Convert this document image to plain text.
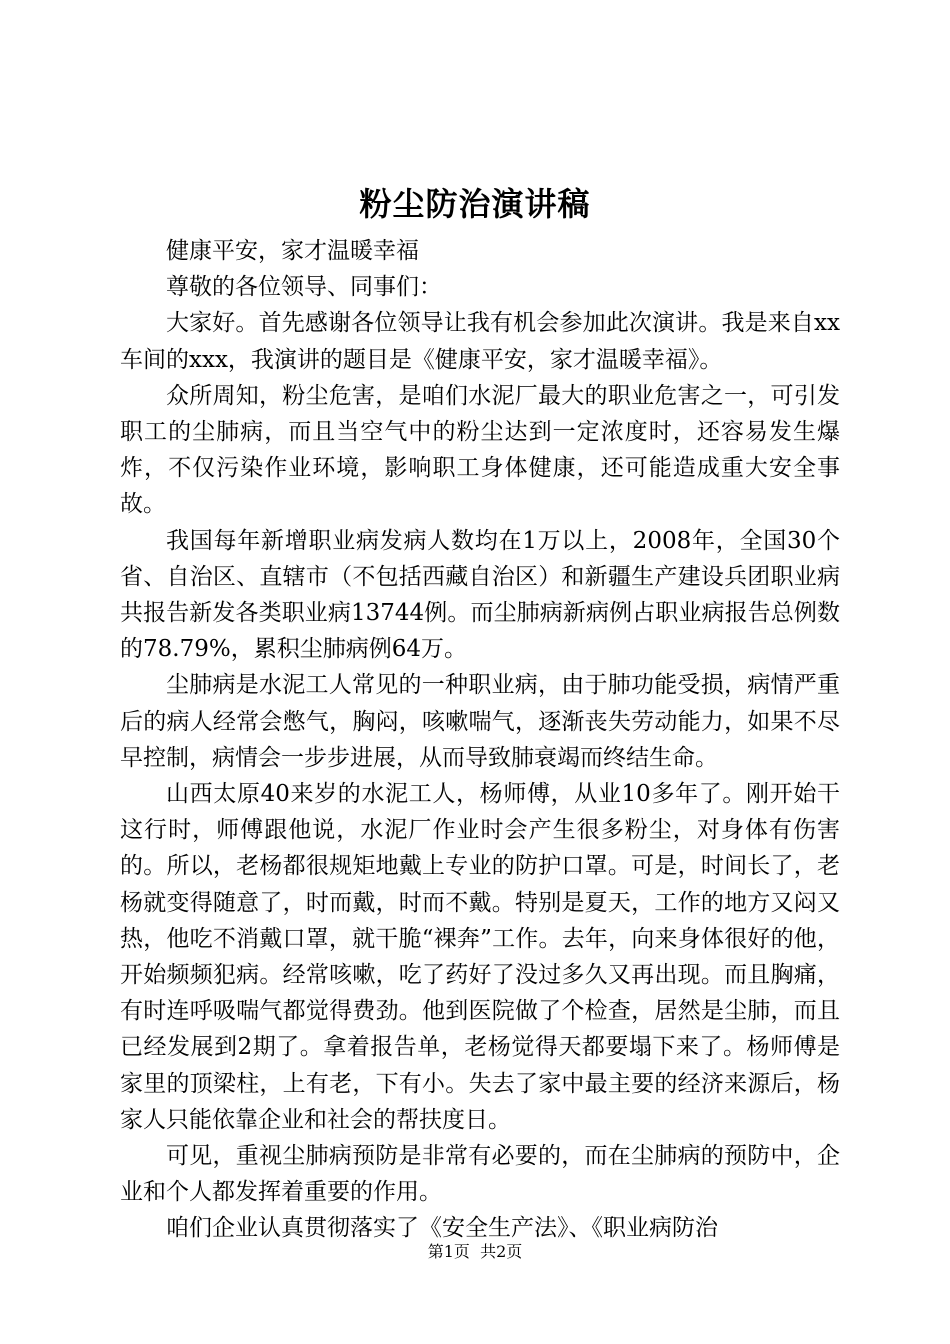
粉尘防治演讲稿

健康平安，家才温暖幸福

尊敬的各位领导、同事们：

大家好。首先感谢各位领导让我有机会参加此次演讲。我是来自xx车间的xxx，我演讲的题目是《健康平安，家才温暖幸福》。

众所周知，粉尘危害，是咱们水泥厂最大的职业危害之一，可引发职工的尘肺病，而且当空气中的粉尘达到一定浓度时，还容易发生爆炸，不仅污染作业环境，影响职工身体健康，还可能造成重大安全事故。

我国每年新增职业病发病人数均在1万以上，2008年，全国30个省、自治区、直辖市（不包括西藏自治区）和新疆生产建设兵团职业病共报告新发各类职业病13744例。而尘肺病新病例占职业病报告总例数的78.79%，累积尘肺病例64万。

尘肺病是水泥工人常见的一种职业病，由于肺功能受损，病情严重后的病人经常会憋气，胸闷，咳嗽喘气，逐渐丧失劳动能力，如果不尽早控制，病情会一步步进展，从而导致肺衰竭而终结生命。

山西太原40来岁的水泥工人，杨师傅，从业10多年了。刚开始干这行时，师傅跟他说，水泥厂作业时会产生很多粉尘，对身体有伤害的。所以，老杨都很规矩地戴上专业的防护口罩。可是，时间长了，老杨就变得随意了，时而戴，时而不戴。特别是夏天，工作的地方又闷又热，他吃不消戴口罩，就干脆“裸奔”工作。去年，向来身体很好的他，开始频频犯病。经常咳嗽，吃了药好了没过多久又再出现。而且胸痛，有时连呼吸喘气都觉得费劲。他到医院做了个检查，居然是尘肺，而且已经发展到2期了。拿着报告单，老杨觉得天都要塌下来了。杨师傅是家里的顶梁柱，上有老，下有小。失去了家中最主要的经济来源后，杨家人只能依靠企业和社会的帮扶度日。

可见，重视尘肺病预防是非常有必要的，而在尘肺病的预防中，企业和个人都发挥着重要的作用。

咱们企业认真贯彻落实了《安全生产法》、《职业病防治

第1页 共2页
